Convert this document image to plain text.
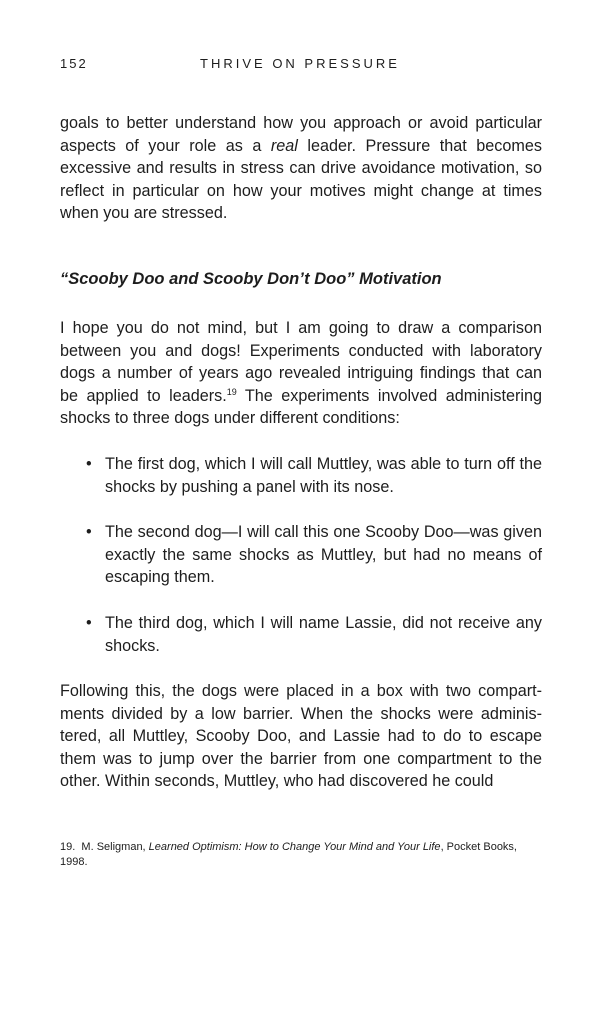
152	THRIVE ON PRESSURE

goals to better understand how you approach or avoid particular aspects of your role as a real leader. Pressure that becomes excessive and results in stress can drive avoidance motivation, so reflect in particular on how your motives might change at times when you are stressed.

“Scooby Doo and Scooby Don’t Doo” Motivation

I hope you do not mind, but I am going to draw a comparison between you and dogs! Experiments conducted with laboratory dogs a number of years ago revealed intriguing findings that can be applied to leaders.$^{19}$ The experiments involved administering shocks to three dogs under different conditions:

• The first dog, which I will call Muttley, was able to turn off the shocks by pushing a panel with its nose.
• The second dog—I will call this one Scooby Doo—was given exactly the same shocks as Muttley, but had no means of escaping them.
• The third dog, which I will name Lassie, did not receive any shocks.

Following this, the dogs were placed in a box with two compart-ments divided by a low barrier. When the shocks were adminis-tered, all Muttley, Scooby Doo, and Lassie had to do to escape them was to jump over the barrier from one compartment to the other. Within seconds, Muttley, who had discovered he could

19. M. Seligman, Learned Optimism: How to Change Your Mind and Your Life, Pocket Books, 1998.
